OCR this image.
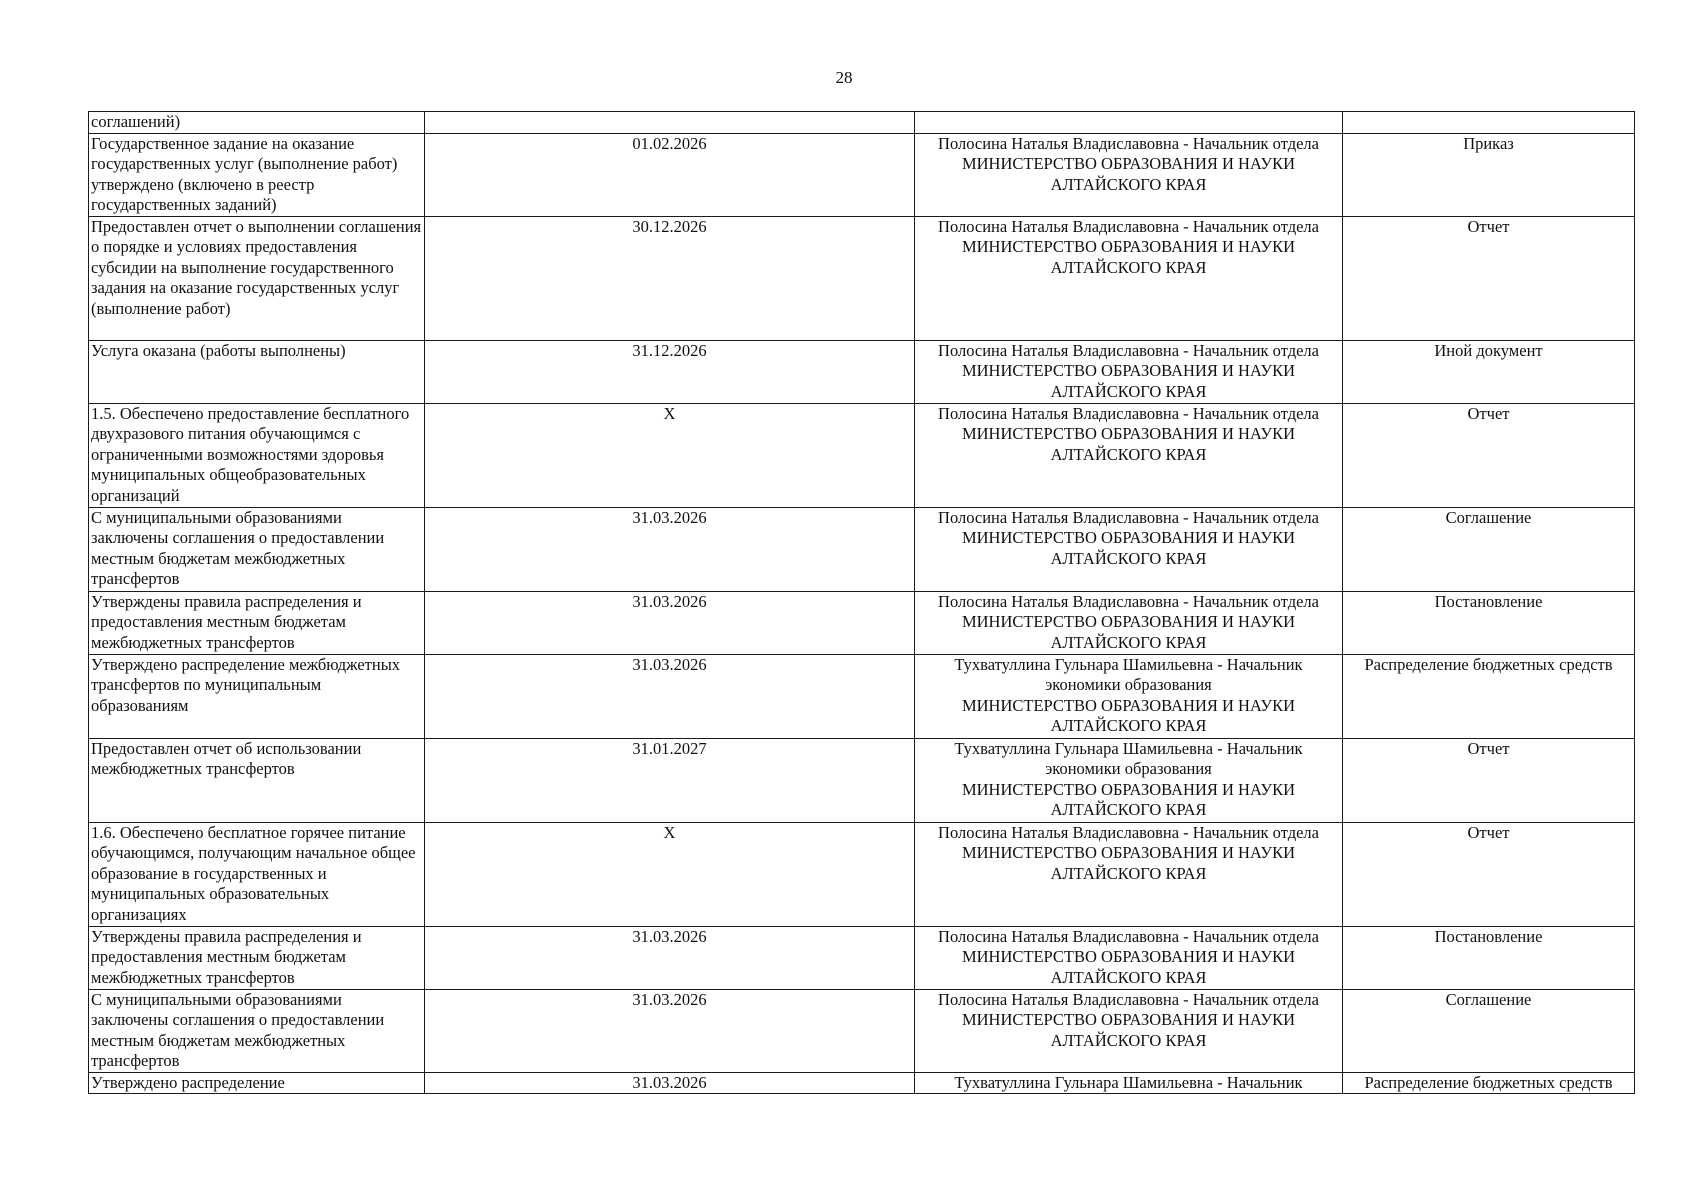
28
соглашений)			
Государственное задание на оказание государственных услуг (выполнение работ) утверждено (включено в реестр государственных заданий)	01.02.2026	Полосина Наталья Владиславовна - Начальник отдела
МИНИСТЕРСТВО ОБРАЗОВАНИЯ И НАУКИ
АЛТАЙСКОГО КРАЯ	Приказ
Предоставлен отчет о выполнении соглашения о порядке и условиях предоставления субсидии на выполнение государственного задания на оказание государственных услуг (выполнение работ)	30.12.2026	Полосина Наталья Владиславовна - Начальник отдела
МИНИСТЕРСТВО ОБРАЗОВАНИЯ И НАУКИ
АЛТАЙСКОГО КРАЯ	Отчет
Услуга оказана (работы выполнены)	31.12.2026	Полосина Наталья Владиславовна - Начальник отдела
МИНИСТЕРСТВО ОБРАЗОВАНИЯ И НАУКИ
АЛТАЙСКОГО КРАЯ	Иной документ
1.5. Обеспечено предоставление бесплатного двухразового питания обучающимся с ограниченными возможностями здоровья муниципальных общеобразовательных организаций	X	Полосина Наталья Владиславовна - Начальник отдела
МИНИСТЕРСТВО ОБРАЗОВАНИЯ И НАУКИ
АЛТАЙСКОГО КРАЯ	Отчет
С муниципальными образованиями заключены соглашения о предоставлении местным бюджетам межбюджетных трансфертов	31.03.2026	Полосина Наталья Владиславовна - Начальник отдела
МИНИСТЕРСТВО ОБРАЗОВАНИЯ И НАУКИ
АЛТАЙСКОГО КРАЯ	Соглашение
Утверждены правила распределения и предоставления местным бюджетам межбюджетных трансфертов	31.03.2026	Полосина Наталья Владиславовна - Начальник отдела
МИНИСТЕРСТВО ОБРАЗОВАНИЯ И НАУКИ
АЛТАЙСКОГО КРАЯ	Постановление
Утверждено распределение межбюджетных трансфертов по муниципальным образованиям	31.03.2026	Тухватуллина Гульнара Шамильевна - Начальник
экономики образования
МИНИСТЕРСТВО ОБРАЗОВАНИЯ И НАУКИ
АЛТАЙСКОГО КРАЯ	Распределение бюджетных средств
Предоставлен отчет об использовании межбюджетных трансфертов	31.01.2027	Тухватуллина Гульнара Шамильевна - Начальник
экономики образования
МИНИСТЕРСТВО ОБРАЗОВАНИЯ И НАУКИ
АЛТАЙСКОГО КРАЯ	Отчет
1.6. Обеспечено бесплатное горячее питание обучающимся, получающим начальное общее образование в государственных и муниципальных образовательных организациях	X	Полосина Наталья Владиславовна - Начальник отдела
МИНИСТЕРСТВО ОБРАЗОВАНИЯ И НАУКИ
АЛТАЙСКОГО КРАЯ	Отчет
Утверждены правила распределения и предоставления местным бюджетам межбюджетных трансфертов	31.03.2026	Полосина Наталья Владиславовна - Начальник отдела
МИНИСТЕРСТВО ОБРАЗОВАНИЯ И НАУКИ
АЛТАЙСКОГО КРАЯ	Постановление
С муниципальными образованиями заключены соглашения о предоставлении местным бюджетам межбюджетных трансфертов	31.03.2026	Полосина Наталья Владиславовна - Начальник отдела
МИНИСТЕРСТВО ОБРАЗОВАНИЯ И НАУКИ
АЛТАЙСКОГО КРАЯ	Соглашение
Утверждено распределение	31.03.2026	Тухватуллина Гульнара Шамильевна - Начальник	Распределение бюджетных средств
